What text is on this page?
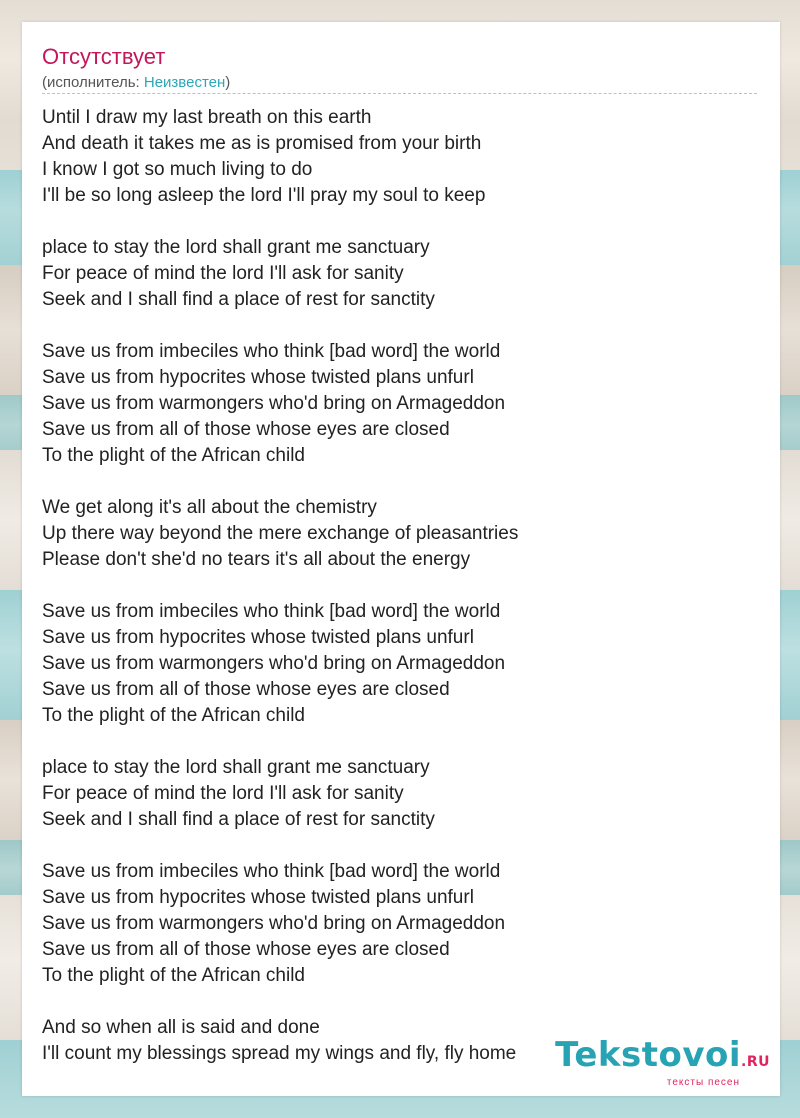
Отсутствует
(исполнитель: Неизвестен)
Until I draw my last breath on this earth
And death it takes me as is promised from your birth
I know I got so much living to do
I'll be so long asleep the lord I'll pray my soul to keep
place to stay the lord shall grant me sanctuary
For peace of mind the lord I'll ask for sanity
Seek and I shall find a place of rest for sanctity
Save us from imbeciles who think [bad word] the world
Save us from hypocrites whose twisted plans unfurl
Save us from warmongers who'd bring on Armageddon
Save us from all of those whose eyes are closed
To the plight of the African child
We get along it's all about the chemistry
Up there way beyond the mere exchange of pleasantries
Please don't she'd no tears it's all about the energy
Save us from imbeciles who think [bad word] the world
Save us from hypocrites whose twisted plans unfurl
Save us from warmongers who'd bring on Armageddon
Save us from all of those whose eyes are closed
To the plight of the African child
place to stay the lord shall grant me sanctuary
For peace of mind the lord I'll ask for sanity
Seek and I shall find a place of rest for sanctity
Save us from imbeciles who think [bad word] the world
Save us from hypocrites whose twisted plans unfurl
Save us from warmongers who'd bring on Armageddon
Save us from all of those whose eyes are closed
To the plight of the African child
And so when all is said and done
I'll count my blessings spread my wings and fly, fly home	Tekstovoi.RU
тексты песен
